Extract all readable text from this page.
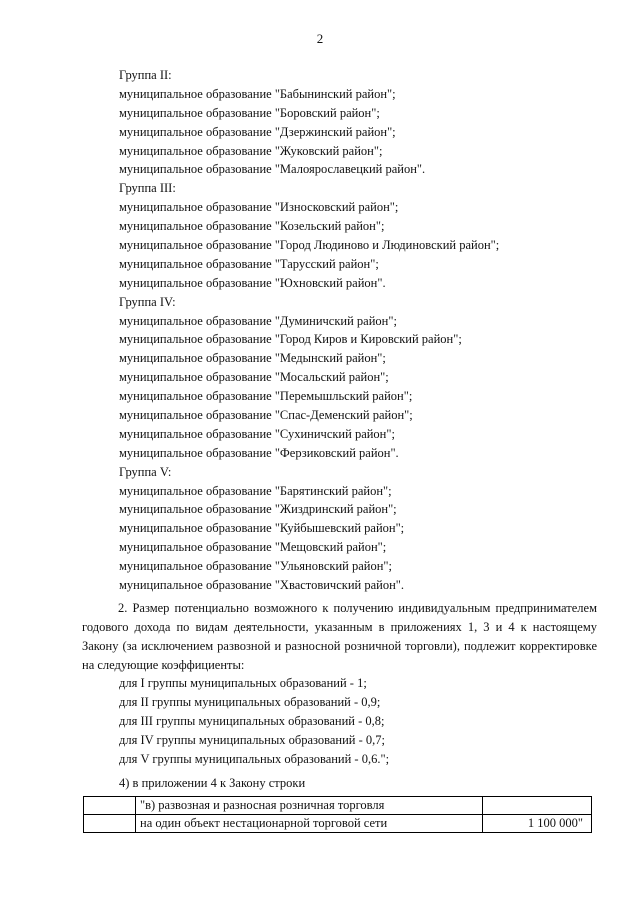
2
Группа II:
муниципальное образование "Бабынинский район";
муниципальное образование "Боровский район";
муниципальное образование "Дзержинский район";
муниципальное образование "Жуковский район";
муниципальное образование "Малоярославецкий район".
Группа III:
муниципальное образование "Износковский район";
муниципальное образование "Козельский район";
муниципальное образование "Город Людиново и Людиновский район";
муниципальное образование "Тарусский район";
муниципальное образование "Юхновский район".
Группа IV:
муниципальное образование "Думиничский район";
муниципальное образование "Город Киров и Кировский район";
муниципальное образование "Медынский район";
муниципальное образование "Мосальский район";
муниципальное образование "Перемышльский район";
муниципальное образование "Спас-Деменский район";
муниципальное образование "Сухиничский район";
муниципальное образование "Ферзиковский район".
Группа V:
муниципальное образование "Барятинский район";
муниципальное образование "Жиздринский район";
муниципальное образование "Куйбышевский район";
муниципальное образование "Мещовский район";
муниципальное образование "Ульяновский район";
муниципальное образование "Хвастовичский район".
2. Размер потенциально возможного к получению индивидуальным предпринимателем годового дохода по видам деятельности, указанным в приложениях 1, 3 и 4 к настоящему Закону (за исключением развозной и разносной розничной торговли), подлежит корректировке на следующие коэффициенты:
для I группы муниципальных образований - 1;
для II группы муниципальных образований - 0,9;
для III группы муниципальных образований - 0,8;
для IV группы муниципальных образований - 0,7;
для V группы муниципальных образований - 0,6.";
4) в приложении 4 к Закону строки
	"в) развозная и разносная розничная торговля	
	на один объект нестационарной торговой сети	1 100 000"
